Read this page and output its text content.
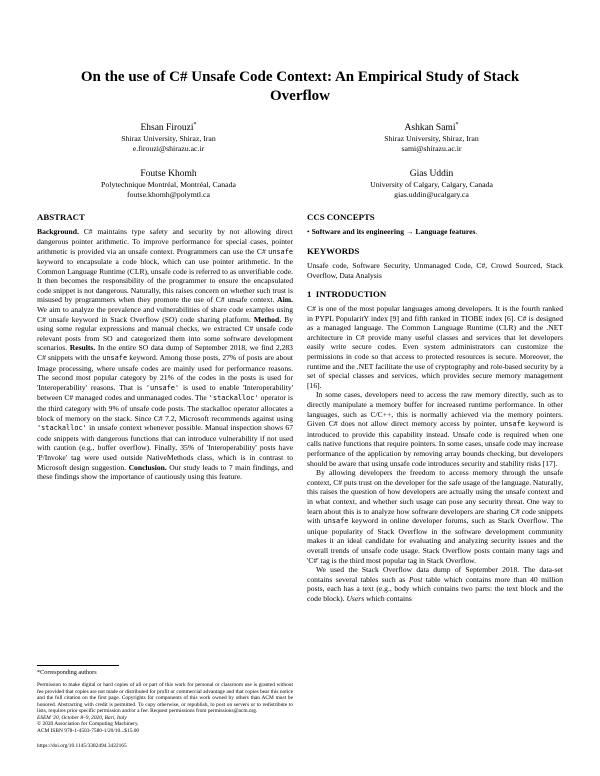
On the use of C# Unsafe Code Context: An Empirical Study of Stack Overflow
Ehsan Firouzi*
Shiraz University, Shiraz, Iran
e.firouzi@shirazu.ac.ir
Ashkan Sami*
Shiraz University, Shiraz, Iran
sami@shirazu.ac.ir
Foutse Khomh
Polytechnique Montréal, Montréal, Canada
foutse.khomh@polymtl.ca
Gias Uddin
University of Calgary, Calgary, Canada
gias.uddin@ucalgary.ca
ABSTRACT

Background. C# maintains type safety and security by not allowing direct dangerous pointer arithmetic. To improve performance for special cases, pointer arithmetic is provided via an unsafe context. Programmers can use the C# unsafe keyword to encapsulate a code block, which can use pointer arithmetic. In the Common Language Runtime (CLR), unsafe code is referred to as unverifiable code. It then becomes the responsibility of the programmer to ensure the encapsulated code snippet is not dangerous. Naturally, this raises concern on whether such trust is misused by programmers when they promote the use of C# unsafe context. Aim. We aim to analyze the prevalence and vulnerabilities of share code examples using C# unsafe keyword in Stack Overflow (SO) code sharing platform. Method. By using some regular expressions and manual checks, we extracted C# unsafe code relevant posts from SO and categorized them into some software development scenarios. Results. In the entire SO data dump of September 2018, we find 2,283 C# snippets with the unsafe keyword. Among those posts, 27% of posts are about Image processing, where unsafe codes are mainly used for performance reasons. The second most popular category by 21% of the codes in the posts is used for 'Interoperability' reasons. That is 'unsafe' is used to enable 'Interoperability' between C# managed codes and unmanaged codes. The 'stackalloc' operator is the third category with 9% of unsafe code posts. The stackalloc operator allocates a block of memory on the stack. Since C# 7.2, Microsoft recommends against using 'stackalloc' in unsafe context whenever possible. Manual inspection shows 67 code snippets with dangerous functions that can introduce vulnerability if not used with caution (e.g., buffer overflow). Finally, 35% of 'Interoperability' posts have 'P/Invoke' tag were used outside NativeMethods class, which is in contrast to Microsoft design suggestion. Conclusion. Our study leads to 7 main findings, and these findings show the importance of cautiously using this feature.

*Corresponding authors

Permission to make digital or hard copies of all or part of this work for personal or classroom use is granted without fee provided that copies are not made or distributed for profit or commercial advantage and that copies bear this notice and the full citation on the first page. Copyrights for components of this work owned by others than ACM must be honored. Abstracting with credit is permitted. To copy otherwise, or republish, to post on servers or to redistribute to lists, requires prior specific permission and/or a fee. Request permissions from permissions@acm.org.

ESEM '20, October 8–9, 2020, Bari, Italy
© 2020 Association for Computing Machinery.
ACM ISBN 978-1-4503-7580-1/20/10...$15.00
https://doi.org/10.1145/3382494.3422165
CCS CONCEPTS

• Software and its engineering → Language features.

KEYWORDS

Unsafe code, Software Security, Unmanaged Code, C#, Crowd Sourced, Stack Overflow, Data Analysis

1 INTRODUCTION

C# is one of the most popular languages among developers. It is the fourth ranked in PYPL PopularitY index [9] and fifth ranked in TIOBE index [6]. C# is designed as a managed language. The Common Language Runtime (CLR) and the .NET architecture in C# provide many useful classes and services that let developers easily write secure codes. Even system administrators can customize the permissions in code so that access to protected resources is secure. Moreover, the runtime and the .NET facilitate the use of cryptography and role-based security by a set of special classes and services, which provides secure memory management [16].

In some cases, developers need to access the raw memory directly, such as to directly manipulate a memory buffer for increased runtime performance. In other languages, such as C/C++, this is normally achieved via the memory pointers. Given C# does not allow direct memory access by pointer, unsafe keyword is introduced to provide this capability instead. Unsafe code is required when one calls native functions that require pointers. In some cases, unsafe code may increase performance of the application by removing array bounds checking, but developers should be aware that using unsafe code introduces security and stability risks [17].

By allowing developers the freedom to access memory through the unsafe context, C# puts trust on the developer for the safe usage of the language. Naturally, this raises the question of how developers are actually using the unsafe context and in what context, and whether such usage can pose any security threat. One way to learn about this is to analyze how software developers are sharing C# code snippets with unsafe keyword in online developer forums, such as Stack Overflow. The unique popularity of Stack Overflow in the software development community makes it an ideal candidate for evaluating and analyzing security issues and the overall trends of unsafe code usage. Stack Overflow posts contain many tags and 'C#' tag is the third most popular tag in Stack Overflow.

We used the Stack Overflow data dump of September 2018. The data-set contains several tables such as Post table which contains more than 40 million posts, each has a text (e.g., body which contains two parts: the text block and the code block). Users which contains
